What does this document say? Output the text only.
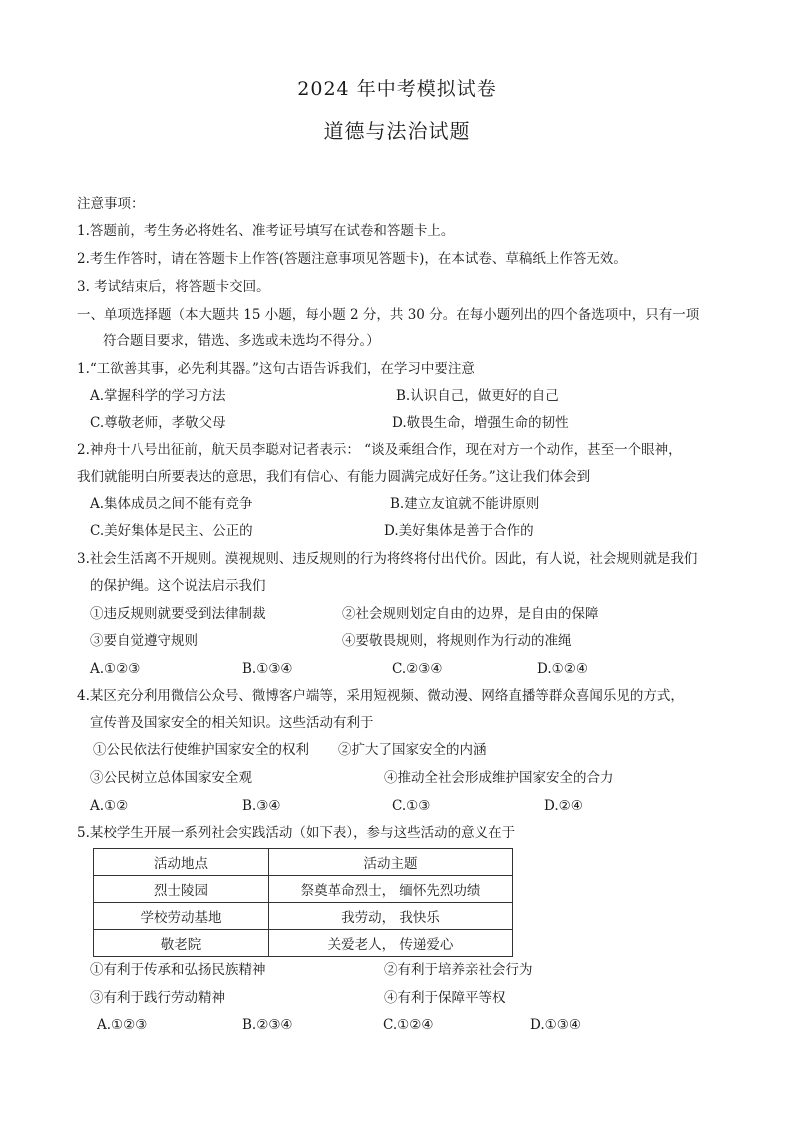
2024 年中考模拟试卷
道德与法治试题
注意事项：
1.答题前，考生务必将姓名、准考证号填写在试卷和答题卡上。
2.考生作答时，请在答题卡上作答(答题注意事项见答题卡)，在本试卷、草稿纸上作答无效。
3. 考试结束后，将答题卡交回。
一、单项选择题（本大题共 15 小题，每小题 2 分，共 30 分。在每小题列出的四个备选项中，只有一项
符合题目要求，错选、多选或未选均不得分。）
1.“工欲善其事，必先利其器。”这句古语告诉我们，在学习中要注意
A.掌握科学的学习方法	B.认识自己，做更好的自己
C.尊敬老师，孝敬父母	D.敬畏生命，增强生命的韧性
2.神舟十八号出征前，航天员李聪对记者表示： “谈及乘组合作，现在对方一个动作，甚至一个眼神，
我们就能明白所要表达的意思，我们有信心、有能力圆满完成好任务。”这让我们体会到
A.集体成员之间不能有竞争	B.建立友谊就不能讲原则
C.美好集体是民主、公正的	D.美好集体是善于合作的
3.社会生活离不开规则。漠视规则、违反规则的行为将终将付出代价。因此，有人说，社会规则就是我们
的保护绳。这个说法启示我们
①违反规则就要受到法律制裁	②社会规则划定自由的边界，是自由的保障
③要自觉遵守规则	④要敬畏规则，将规则作为行动的准绳
A.①②③	B.①③④	C.②③④	D.①②④
4.某区充分利用微信公众号、微博客户端等，采用短视频、微动漫、网络直播等群众喜闻乐见的方式，
宣传普及国家安全的相关知识。这些活动有利于
①公民依法行使维护国家安全的权利 ②扩大了国家安全的内涵
③公民树立总体国家安全观	④推动全社会形成维护国家安全的合力
A.①②	B.③④	C.①③	D.②④
5.某校学生开展一系列社会实践活动（如下表），参与这些活动的意义在于
活动地点	活动主题
烈士陵园	祭奠革命烈士， 缅怀先烈功绩
学校劳动基地	我劳动， 我快乐
敬老院	关爱老人， 传递爱心
①有利于传承和弘扬民族精神	②有利于培养亲社会行为
③有利于践行劳动精神	④有利于保障平等权
A.①②③	B.②③④	C.①②④	D.①③④
